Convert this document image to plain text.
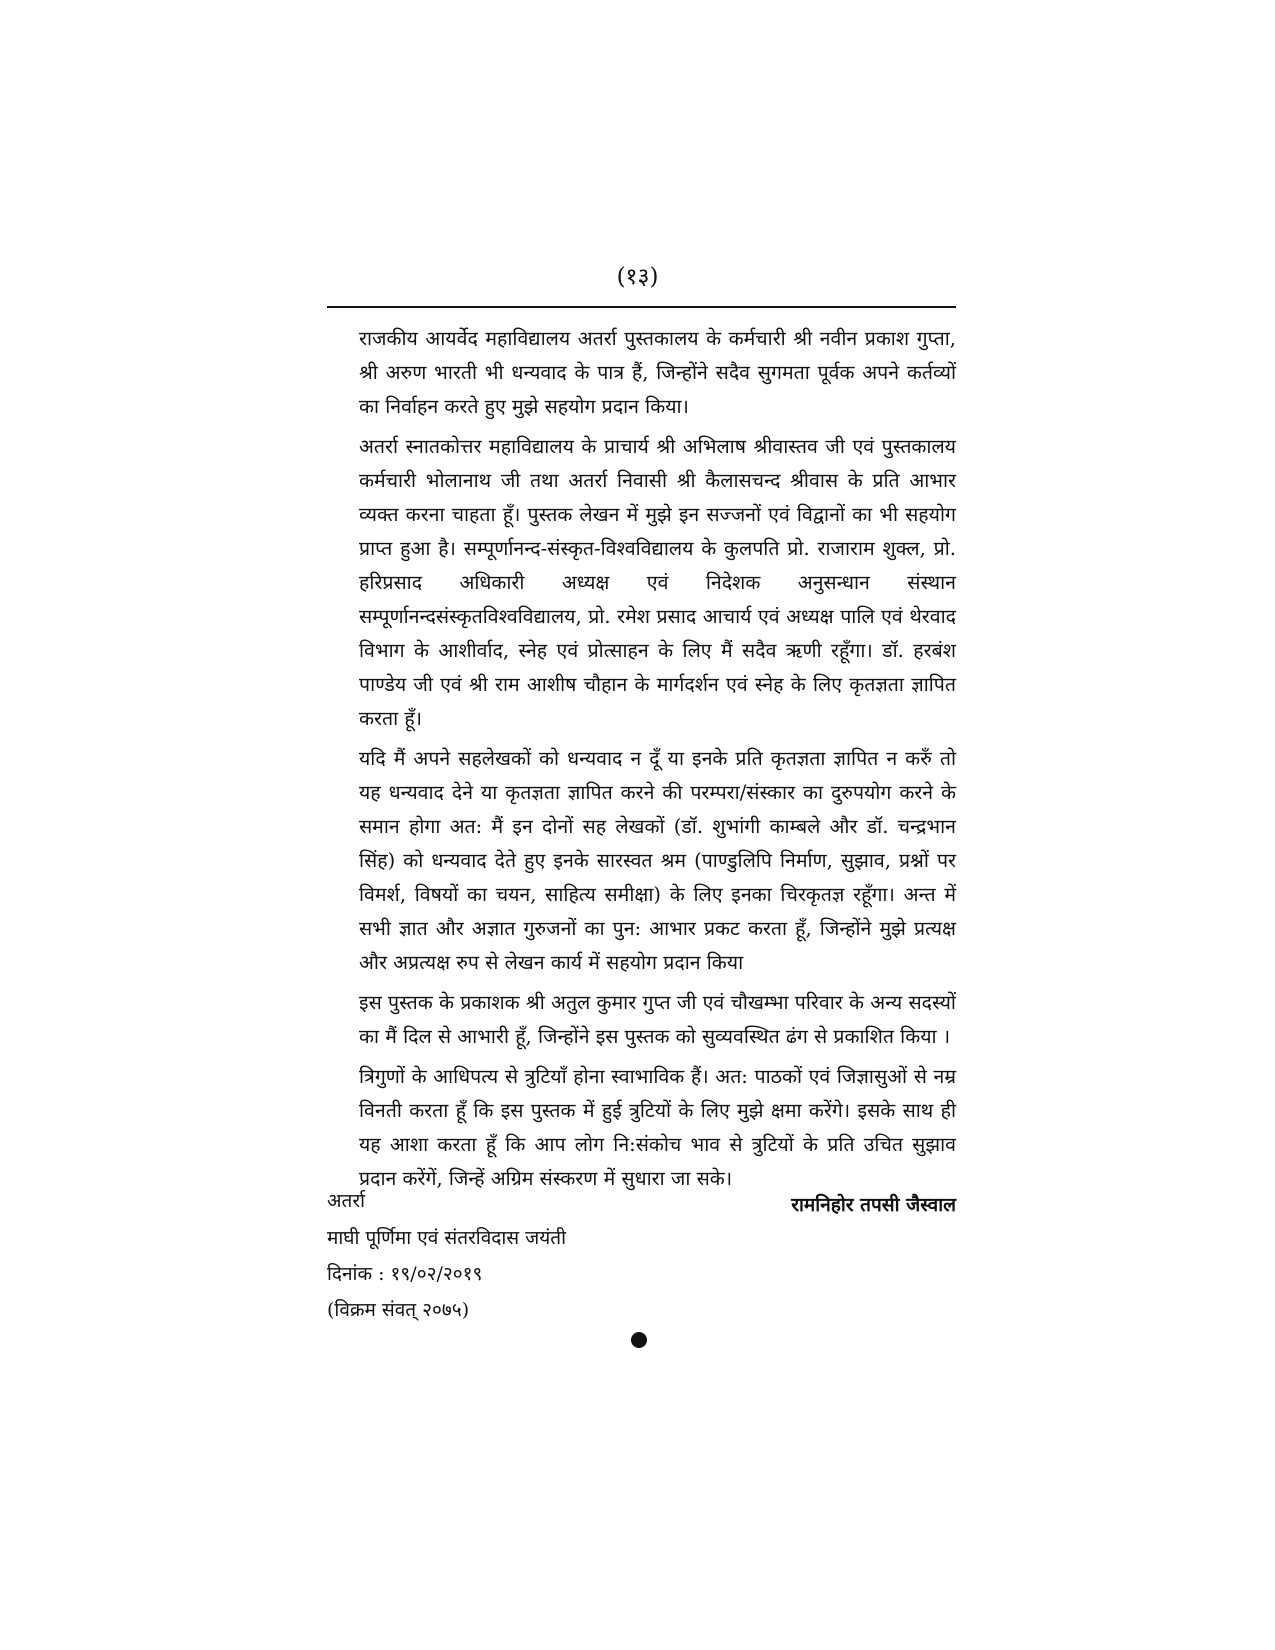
(१३)

राजकीय आयर्वेद महाविद्यालय अतर्रा पुस्तकालय के कर्मचारी श्री नवीन प्रकाश गुप्ता, श्री अरुण भारती भी धन्यवाद के पात्र हैं, जिन्होंने सदैव सुगमता पूर्वक अपने कर्तव्यों का निर्वाहन करते हुए मुझे सहयोग प्रदान किया।

अतर्रा स्नातकोत्तर महाविद्यालय के प्राचार्य श्री अभिलाष श्रीवास्तव जी एवं पुस्तकालय कर्मचारी भोलानाथ जी तथा अतर्रा निवासी श्री कैलासचन्द श्रीवास के प्रति आभार व्यक्त करना चाहता हूँ। पुस्तक लेखन में मुझे इन सज्जनों एवं विद्वानों का भी सहयोग प्राप्त हुआ है। सम्पूर्णानन्द-संस्कृत-विश्वविद्यालय के कुलपति प्रो. राजाराम शुक्ल, प्रो. हरिप्रसाद अधिकारी अध्यक्ष एवं निदेशक अनुसन्धान संस्थान सम्पूर्णानन्दसंस्कृतविश्वविद्यालय, प्रो. रमेश प्रसाद आचार्य एवं अध्यक्ष पालि एवं थेरवाद विभाग के आशीर्वाद, स्नेह एवं प्रोत्साहन के लिए मैं सदैव ऋणी रहूँगा। डॉ. हरबंश पाण्डेय जी एवं श्री राम आशीष चौहान के मार्गदर्शन एवं स्नेह के लिए कृतज्ञता ज्ञापित करता हूँ।

यदि मैं अपने सहलेखकों को धन्यवाद न दूँ या इनके प्रति कृतज्ञता ज्ञापित न करुँ तो यह धन्यवाद देने या कृतज्ञता ज्ञापित करने की परम्परा/संस्कार का दुरुपयोग करने के समान होगा अत: मैं इन दोनों सह लेखकों (डॉ. शुभांगी काम्बले और डॉ. चन्द्रभान सिंह) को धन्यवाद देते हुए इनके सारस्वत श्रम (पाण्डुलिपि निर्माण, सुझाव, प्रश्नों पर विमर्श, विषयों का चयन, साहित्य समीक्षा) के लिए इनका चिरकृतज्ञ रहूँगा। अन्त में सभी ज्ञात और अज्ञात गुरुजनों का पुन: आभार प्रकट करता हूँ, जिन्होंने मुझे प्रत्यक्ष और अप्रत्यक्ष रुप से लेखन कार्य में सहयोग प्रदान किया

इस पुस्तक के प्रकाशक श्री अतुल कुमार गुप्त जी एवं चौखम्भा परिवार के अन्य सदस्यों का मैं दिल से आभारी हूँ, जिन्होंने इस पुस्तक को सुव्यवस्थित ढंग से प्रकाशित किया ।

त्रिगुणों के आधिपत्य से त्रुटियाँ होना स्वाभाविक हैं। अत: पाठकों एवं जिज्ञासुओं से नम्र विनती करता हूँ कि इस पुस्तक में हुई त्रुटियों के लिए मुझे क्षमा करेंगे। इसके साथ ही यह आशा करता हूँ कि आप लोग नि:संकोच भाव से त्रुटियों के प्रति उचित सुझाव प्रदान करेंगें, जिन्हें अग्रिम संस्करण में सुधारा जा सके।

अतर्रा	रामनिहोर तपसी जैस्वाल
माघी पूर्णिमा एवं संतरविदास जयंती
दिनांक : १९/०२/२०१९
(विक्रम संवत् २०७५)
